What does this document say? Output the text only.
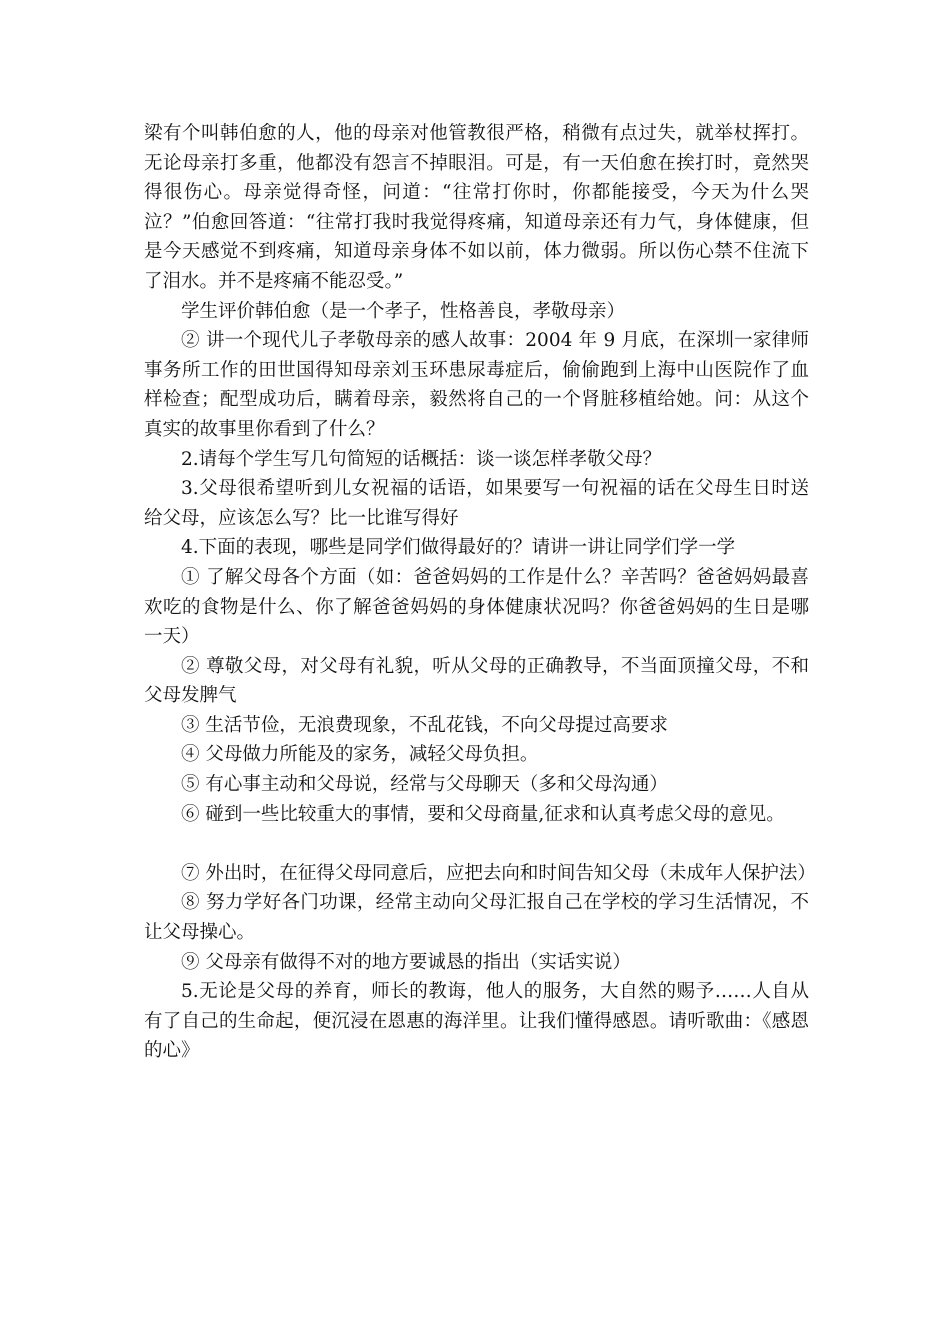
梁有个叫韩伯愈的人，他的母亲对他管教很严格，稍微有点过失，就举杖挥打。无论母亲打多重，他都没有怨言不掉眼泪。可是，有一天伯愈在挨打时，竟然哭得很伤心。母亲觉得奇怪，问道：“往常打你时，你都能接受，今天为什么哭泣？”伯愈回答道：“往常打我时我觉得疼痛，知道母亲还有力气，身体健康，但是今天感觉不到疼痛，知道母亲身体不如以前，体力微弱。所以伤心禁不住流下了泪水。并不是疼痛不能忍受。”

学生评价韩伯愈（是一个孝子，性格善良，孝敬母亲）

② 讲一个现代儿子孝敬母亲的感人故事：2004 年 9 月底，在深圳一家律师事务所工作的田世国得知母亲刘玉环患尿毒症后，偷偷跑到上海中山医院作了血样检查；配型成功后，瞒着母亲，毅然将自己的一个肾脏移植给她。问：从这个真实的故事里你看到了什么？

2.请每个学生写几句简短的话概括：谈一谈怎样孝敬父母？

3.父母很希望听到儿女祝福的话语，如果要写一句祝福的话在父母生日时送给父母，应该怎么写？比一比谁写得好

4.下面的表现，哪些是同学们做得最好的？请讲一讲让同学们学一学

① 了解父母各个方面（如：爸爸妈妈的工作是什么？辛苦吗？爸爸妈妈最喜欢吃的食物是什么、你了解爸爸妈妈的身体健康状况吗？你爸爸妈妈的生日是哪一天）

② 尊敬父母，对父母有礼貌，听从父母的正确教导，不当面顶撞父母，不和父母发脾气

③ 生活节俭，无浪费现象，不乱花钱，不向父母提过高要求

④ 父母做力所能及的家务，减轻父母负担。

⑤ 有心事主动和父母说，经常与父母聊天（多和父母沟通）

⑥ 碰到一些比较重大的事情，要和父母商量,征求和认真考虑父母的意见。

⑦ 外出时，在征得父母同意后，应把去向和时间告知父母（未成年人保护法）

⑧ 努力学好各门功课，经常主动向父母汇报自己在学校的学习生活情况，不让父母操心。

⑨ 父母亲有做得不对的地方要诚恳的指出（实话实说）

5.无论是父母的养育，师长的教诲，他人的服务，大自然的赐予……人自从有了自己的生命起，便沉浸在恩惠的海洋里。让我们懂得感恩。请听歌曲：《感恩的心》
